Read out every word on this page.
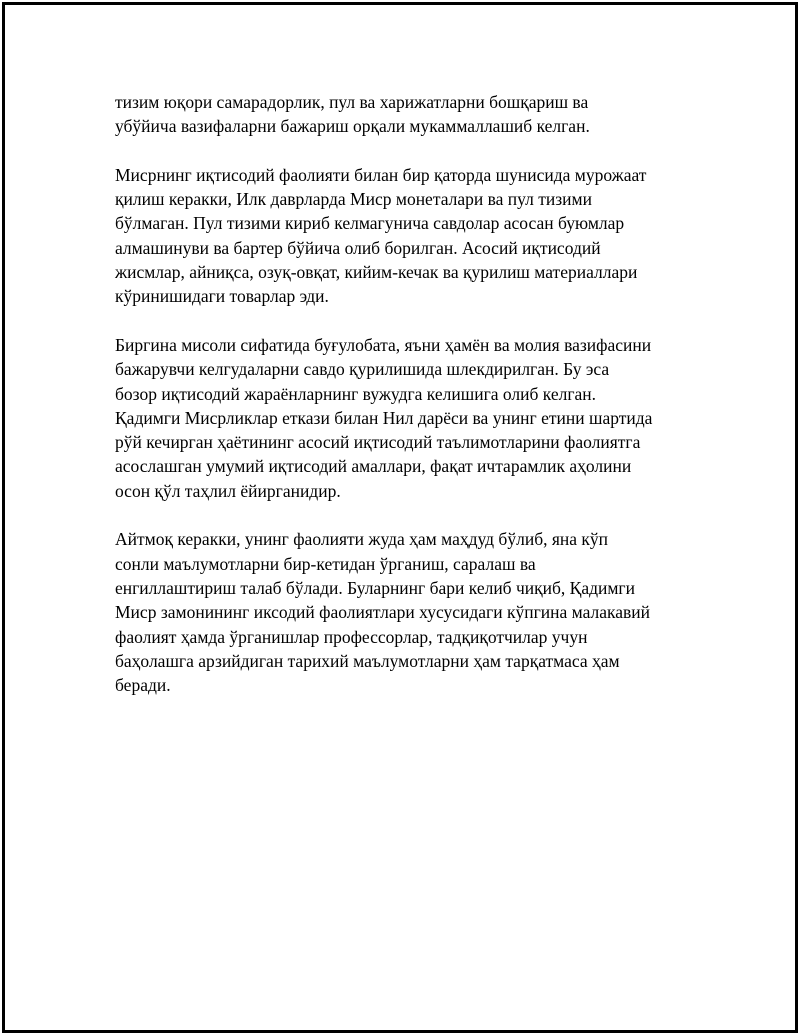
тизим юқори самарадорлик, пул ва харижатларни бошқариш ва
убўйича вазифаларни бажариш орқали мукаммаллашиб келган.

Мисрнинг иқтисодий фаолияти билан бир қаторда шунисида мурожаат
қилиш керакки, Илк даврларда Миср монеталари ва пул тизими
бўлмаган. Пул тизими кириб келмагунича савдолар асосан буюмлар
алмашинуви ва бартер бўйича олиб борилган. Асосий иқтисодий
жисмлар, айниқса, озуқ-овқат, кийим-кечак ва қурилиш материаллари
кўринишидаги товарлар эди.

Биргина мисоли сифатида буғулобата, яъни ҳамён ва молия вазифасини
бажарувчи келгудаларни савдо қурилишида шлекдирилган. Бу эса
бозор иқтисодий жараёнларнинг вужудга келишига олиб келган.
Қадимги Мисрликлар еткази билан Нил дарёси ва унинг етини шартида
рўй кечирган ҳаётининг асосий иқтисодий таълимотларини фаолиятга
асослашган умумий иқтисодий амаллари, фақат ичтарамлик аҳолини
осон қўл таҳлил ёйирганидир.

Айтмоқ керакки, унинг фаолияти жуда ҳам маҳдуд бўлиб, яна кўп
сонли маълумотларни бир-кетидан ўрганиш, саралаш ва
енгиллаштириш талаб бўлади. Буларнинг бари келиб чиқиб, Қадимги
Миср замонининг иксодий фаолиятлари хусусидаги кўпгина малакавий
фаолият ҳамда ўрганишлар профессорлар, тадқиқотчилар учун
баҳолашга арзийдиган тарихий маълумотларни ҳам тарқатмаса ҳам
беради.
